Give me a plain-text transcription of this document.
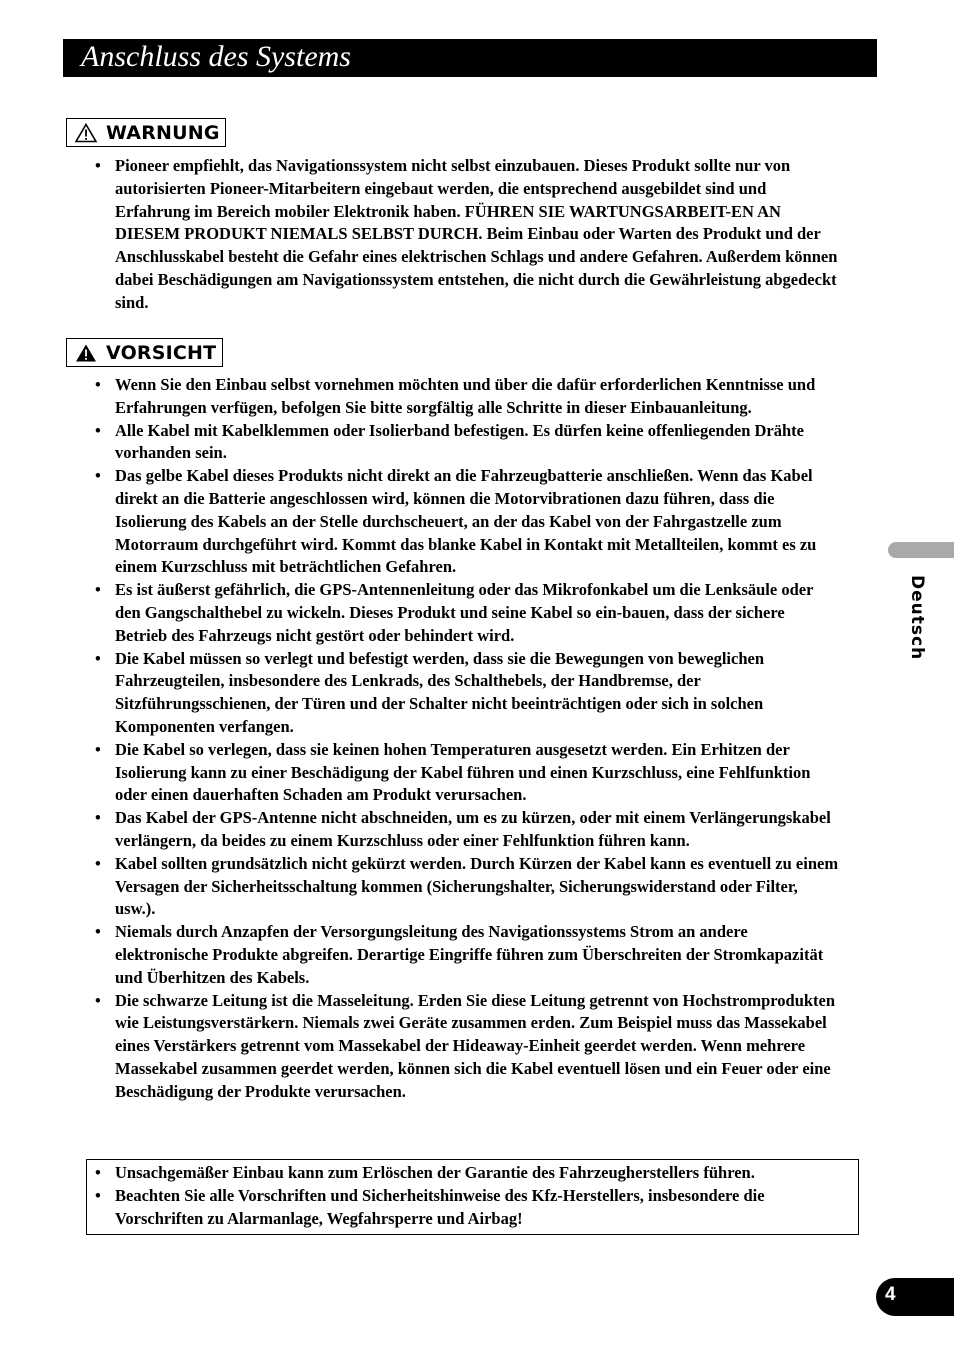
Anschluss des Systems
WARNUNG
• Pioneer empfiehlt, das Navigationssystem nicht selbst einzubauen. Dieses Produkt sollte nur von autorisierten Pioneer-Mitarbeitern eingebaut werden, die entsprechend ausgebildet sind und Erfahrung im Bereich mobiler Elektronik haben. FÜHREN SIE WARTUNGSARBEIT-EN AN DIESEM PRODUKT NIEMALS SELBST DURCH. Beim Einbau oder Warten des Produkt und der Anschlusskabel besteht die Gefahr eines elektrischen Schlags und andere Gefahren. Außerdem können dabei Beschädigungen am Navigationssystem entstehen, die nicht durch die Gewährleistung abgedeckt sind.
VORSICHT
• Wenn Sie den Einbau selbst vornehmen möchten und über die dafür erforderlichen Kenntnisse und Erfahrungen verfügen, befolgen Sie bitte sorgfältig alle Schritte in dieser Einbauanleitung.
• Alle Kabel mit Kabelklemmen oder Isolierband befestigen. Es dürfen keine offenliegenden Drähte vorhanden sein.
• Das gelbe Kabel dieses Produkts nicht direkt an die Fahrzeugbatterie anschließen. Wenn das Kabel direkt an die Batterie angeschlossen wird, können die Motorvibrationen dazu führen, dass die Isolierung des Kabels an der Stelle durchscheuert, an der das Kabel von der Fahrgastzelle zum Motorraum durchgeführt wird. Kommt das blanke Kabel in Kontakt mit Metallteilen, kommt es zu einem Kurzschluss mit beträchtlichen Gefahren.
• Es ist äußerst gefährlich, die GPS-Antennenleitung oder das Mikrofonkabel um die Lenksäule oder den Gangschalthebel zu wickeln. Dieses Produkt und seine Kabel so ein-bauen, dass der sichere Betrieb des Fahrzeugs nicht gestört oder behindert wird.
• Die Kabel müssen so verlegt und befestigt werden, dass sie die Bewegungen von beweglichen Fahrzeugteilen, insbesondere des Lenkrads, des Schalthebels, der Handbremse, der Sitzführungsschienen, der Türen und der Schalter nicht beeinträchtigen oder sich in solchen Komponenten verfangen.
• Die Kabel so verlegen, dass sie keinen hohen Temperaturen ausgesetzt werden. Ein Erhitzen der Isolierung kann zu einer Beschädigung der Kabel führen und einen Kurzschluss, eine Fehlfunktion oder einen dauerhaften Schaden am Produkt verursachen.
• Das Kabel der GPS-Antenne nicht abschneiden, um es zu kürzen, oder mit einem Verlängerungskabel verlängern, da beides zu einem Kurzschluss oder einer Fehlfunktion führen kann.
• Kabel sollten grundsätzlich nicht gekürzt werden. Durch Kürzen der Kabel kann es eventuell zu einem Versagen der Sicherheitsschaltung kommen (Sicherungshalter, Sicherungswiderstand oder Filter, usw.).
• Niemals durch Anzapfen der Versorgungsleitung des Navigationssystems Strom an andere elektronische Produkte abgreifen. Derartige Eingriffe führen zum Überschreiten der Stromkapazität und Überhitzen des Kabels.
• Die schwarze Leitung ist die Masseleitung. Erden Sie diese Leitung getrennt von Hochstromprodukten wie Leistungsverstärkern. Niemals zwei Geräte zusammen erden. Zum Beispiel muss das Massekabel eines Verstärkers getrennt vom Massekabel der Hideaway-Einheit geerdet werden. Wenn mehrere Massekabel zusammen geerdet werden, können sich die Kabel eventuell lösen und ein Feuer oder eine Beschädigung der Produkte verursachen.
• Unsachgemäßer Einbau kann zum Erlöschen der Garantie des Fahrzeugherstellers führen.
• Beachten Sie alle Vorschriften und Sicherheitshinweise des Kfz-Herstellers, insbesondere die Vorschriften zu Alarmanlage, Wegfahrsperre und Airbag!
Deutsch
4
